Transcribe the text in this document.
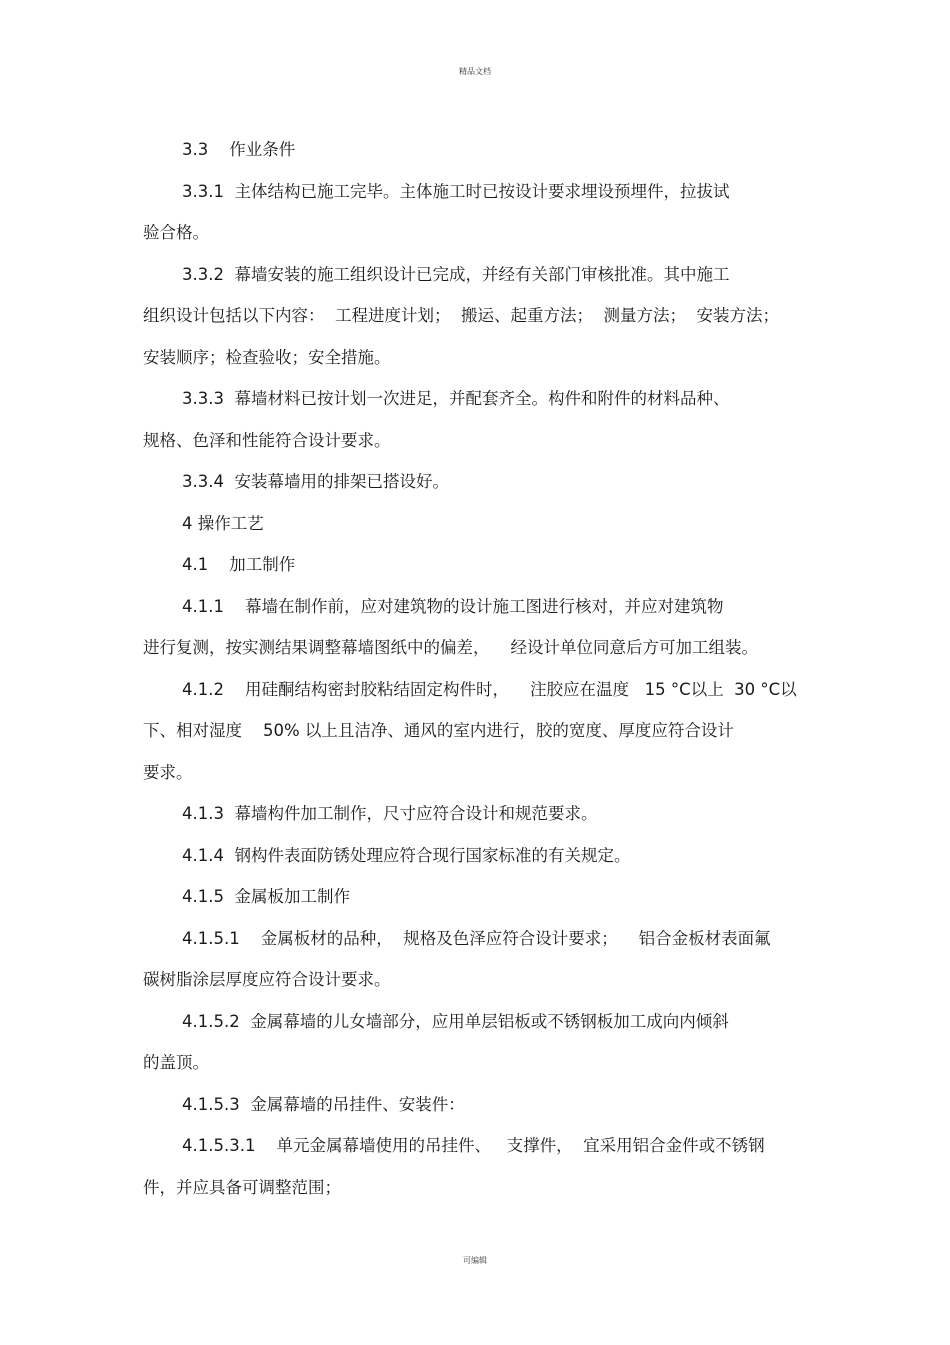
精品文档

3.3    作业条件

3.3.1  主体结构已施工完毕。主体施工时已按设计要求埋设预埋件，拉拔试
验合格。

3.3.2  幕墙安装的施工组织设计已完成，并经有关部门审核批准。其中施工
组织设计包括以下内容：  工程进度计划；  搬运、起重方法；  测量方法；  安装方法；
安装顺序；检查验收；安全措施。

3.3.3  幕墙材料已按计划一次进足，并配套齐全。构件和附件的材料品种、
规格、色泽和性能符合设计要求。

3.3.4  安装幕墙用的排架已搭设好。

4 操作工艺

4.1    加工制作

4.1.1    幕墙在制作前，应对建筑物的设计施工图进行核对，并应对建筑物
进行复测，按实测结果调整幕墙图纸中的偏差，    经设计单位同意后方可加工组装。

4.1.2    用硅酮结构密封胶粘结固定构件时，    注胶应在温度   15 °C以上  30 °C以
下、相对湿度    50% 以上且洁净、通风的室内进行，胶的宽度、厚度应符合设计
要求。

4.1.3  幕墙构件加工制作，尺寸应符合设计和规范要求。

4.1.4  钢构件表面防锈处理应符合现行国家标准的有关规定。

4.1.5  金属板加工制作

4.1.5.1    金属板材的品种，  规格及色泽应符合设计要求；    铝合金板材表面氟
碳树脂涂层厚度应符合设计要求。

4.1.5.2  金属幕墙的儿女墙部分，应用单层铝板或不锈钢板加工成向内倾斜
的盖顶。

4.1.5.3  金属幕墙的吊挂件、安装件：

4.1.5.3.1    单元金属幕墙使用的吊挂件、   支撑件，  宜采用铝合金件或不锈钢
件，并应具备可调整范围；

可编辑
